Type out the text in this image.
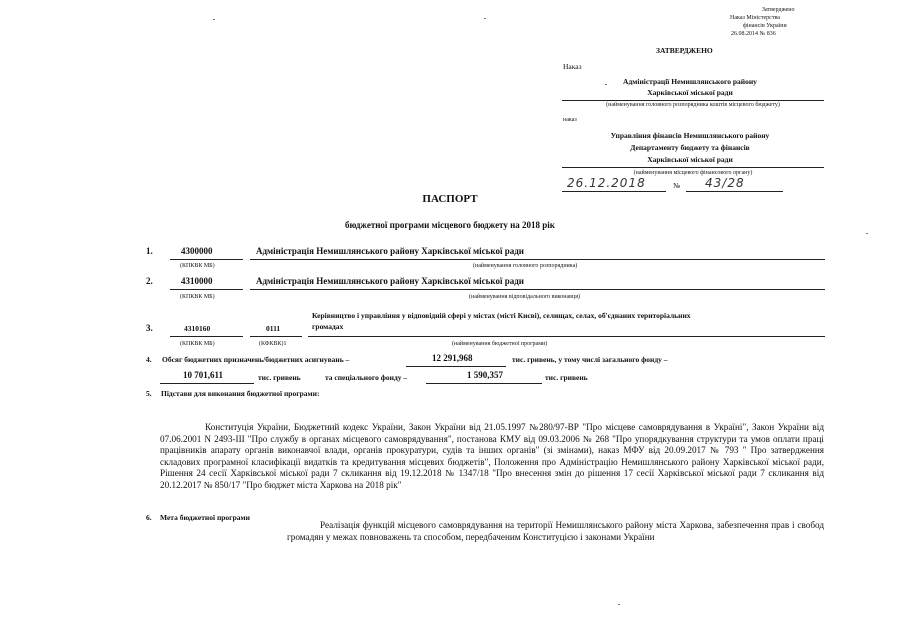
Затверджено
Наказ Міністерства
фінансів України
26.08.2014 № 836
ЗАТВЕРДЖЕНО
Наказ
Адміністрації Немишлянського району
Харківської міської ради
(найменування головного розпорядника коштів місцевого бюджету)
наказ
Управління фінансів Немишлянського району
Департаменту бюджету та фінансів
Харківської міської ради
(найменування місцевого фінансового органу)
26.12.2018	№ 43/28
ПАСПОРТ
бюджетної програми місцевого бюджету на 2018 рік
1.	4300000	Адміністрація Немишлянського району Харківської міської ради
(КПКВК МБ)	(найменування головного розпорядника)
2.	4310000	Адміністрація Немишлянського району Харківської міської ради
(КПКВК МБ)	(найменування відповідального виконавця)
Керівництво і управління у відповідній сфері у містах (місті Києві), селищах, селах, об'єднаних територіальних
громадах
3.	4310160	0111
(КПКВК МБ)	(КФКВК)1	(найменування бюджетної програми)
4. Обсяг бюджетних призначень/бюджетних асигнувань –	12 291,968	тис. гривень, у тому числі загального фонду –
10 701,611	тис. гривень	та спеціального фонду –	1 590,357	тис. гривень
5. Підстави для виконання бюджетної програми:
Конституція України, Бюджетний кодекс України, Закон України від 21.05.1997 №280/97-ВР "Про місцеве самоврядування в Україні", Закон України від 07.06.2001 N 2493-III "Про службу в органах місцевого самоврядування", постанова КМУ від 09.03.2006 № 268 "Про упорядкування структури та умов оплати праці працівників апарату органів виконавчої влади, органів прокуратури, судів та інших органів" (зі змінами), наказ МФУ від 20.09.2017 № 793 " Про затвердження складових програмної класифікації видатків та кредитування місцевих бюджетів", Положення про Адміністрацію Немишлянського району Харківської міської ради, Рішення 24 сесії Харківської міської ради 7 скликання від 19.12.2018 № 1347/18 "Про внесення змін до рішення 17 сесії Харківської міської ради 7 скликання від 20.12.2017 № 850/17 "Про бюджет міста Харкова на 2018 рік"
6. Мета бюджетної програми
Реалізація функцій місцевого самоврядування на території Немишлянського району міста Харкова, забезпечення прав і свобод громадян у межах повноважень та способом, передбаченим Конституцією і законами України
